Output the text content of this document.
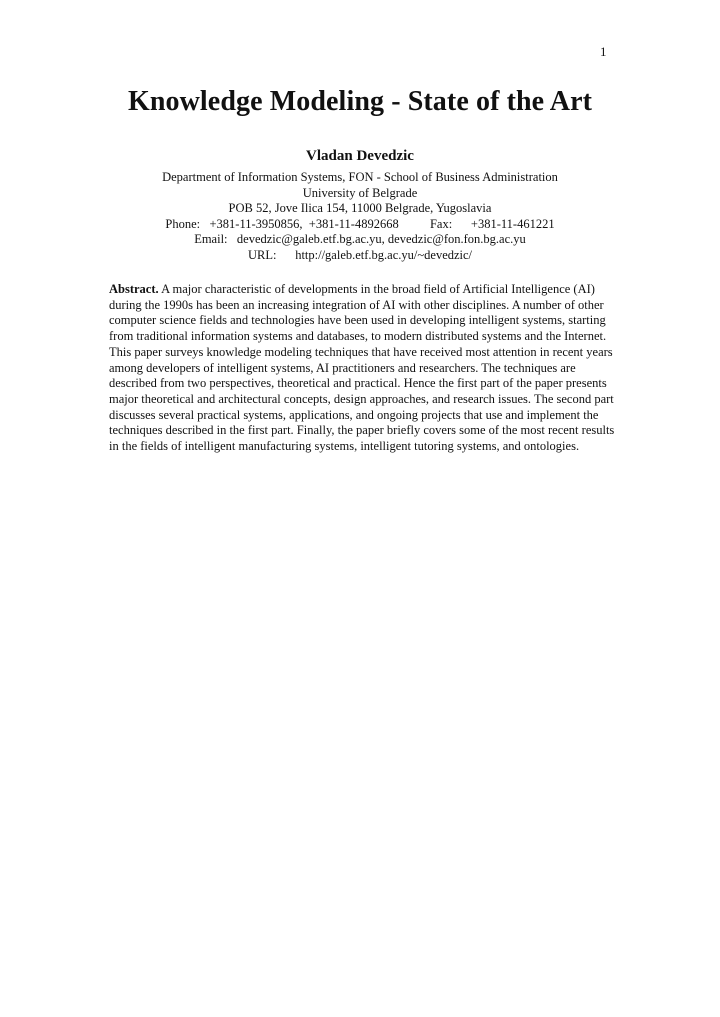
1
Knowledge Modeling - State of the Art
Vladan Devedzic
Department of Information Systems, FON - School of Business Administration
University of Belgrade
POB 52, Jove Ilica 154, 11000 Belgrade, Yugoslavia
Phone:   +381-11-3950856,  +381-11-4892668          Fax:      +381-11-461221
Email:   devedzic@galeb.etf.bg.ac.yu, devedzic@fon.fon.bg.ac.yu
URL:      http://galeb.etf.bg.ac.yu/~devedzic/

Abstract. A major characteristic of developments in the broad field of Artificial Intelligence (AI) during the 1990s has been an increasing integration of AI with other disciplines. A number of other computer science fields and technologies have been used in developing intelligent systems, starting from traditional information systems and databases, to modern distributed systems and the Internet. This paper surveys knowledge modeling techniques that have received most attention in recent years among developers of intelligent systems, AI practitioners and researchers. The techniques are described from two perspectives, theoretical and practical. Hence the first part of the paper presents major theoretical and architectural concepts, design approaches, and research issues. The second part discusses several practical systems, applications, and ongoing projects that use and implement the techniques described in the first part. Finally, the paper briefly covers some of the most recent results in the fields of intelligent manufacturing systems, intelligent tutoring systems, and ontologies.
